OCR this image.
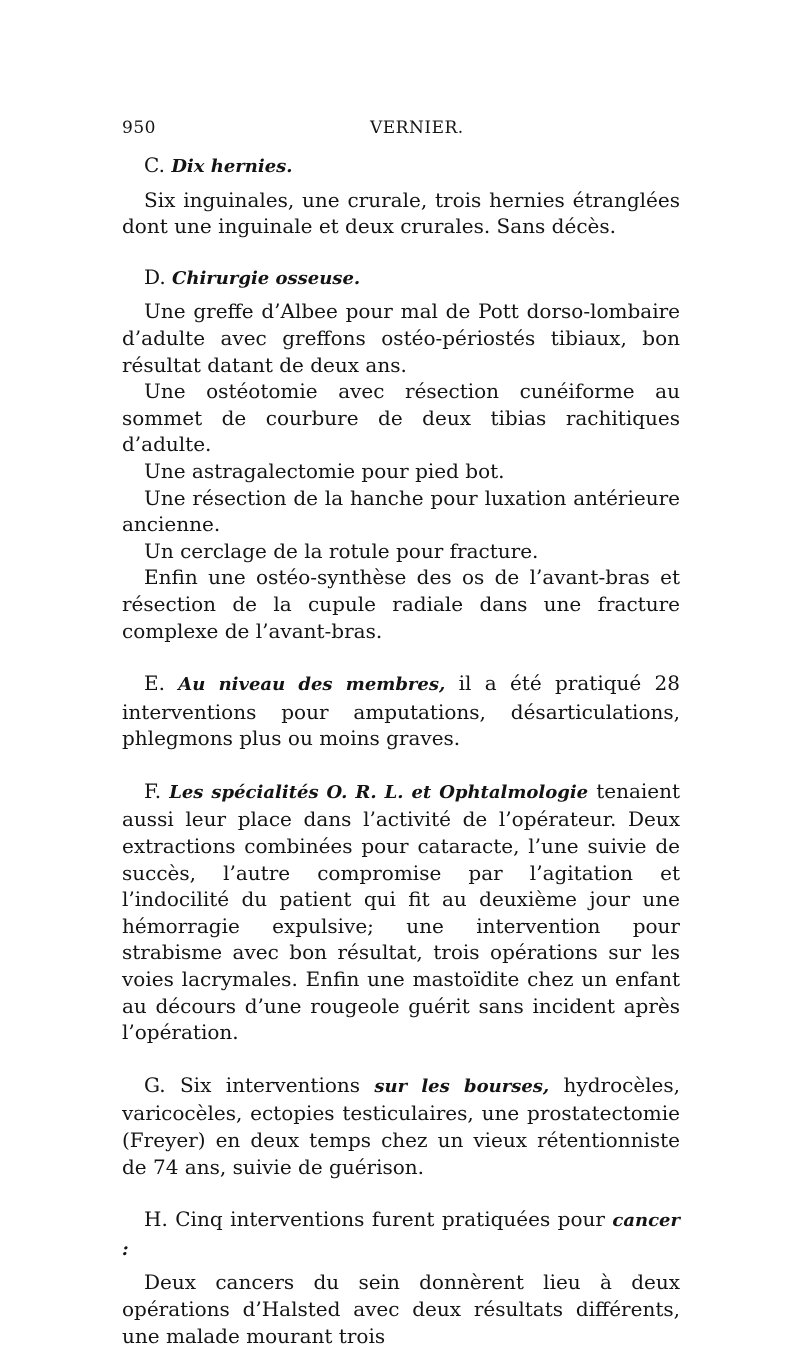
950	VERNIER.

C. Dix hernies.

Six inguinales, une crurale, trois hernies étranglées dont une inguinale et deux crurales. Sans décès.

D. Chirurgie osseuse.

Une greffe d’Albee pour mal de Pott dorso-lombaire d’adulte avec greffons ostéo-périostés tibiaux, bon résultat datant de deux ans.

Une ostéotomie avec résection cunéiforme au sommet de courbure de deux tibias rachitiques d’adulte.

Une astragalectomie pour pied bot.

Une résection de la hanche pour luxation antérieure ancienne.

Un cerclage de la rotule pour fracture.

Enfin une ostéo-synthèse des os de l’avant-bras et résection de la cupule radiale dans une fracture complexe de l’avant-bras.

E. Au niveau des membres, il a été pratiqué 28 interventions pour amputations, désarticulations, phlegmons plus ou moins graves.

F. Les spécialités O. R. L. et Ophtalmologie tenaient aussi leur place dans l’activité de l’opérateur. Deux extractions combinées pour cataracte, l’une suivie de succès, l’autre compromise par l’agitation et l’indocilité du patient qui fit au deuxième jour une hémorragie expulsive; une intervention pour strabisme avec bon résultat, trois opérations sur les voies lacrymales. Enfin une mastoïdite chez un enfant au décours d’une rougeole guérit sans incident après l’opération.

G. Six interventions sur les bourses, hydrocèles, varicocèles, ectopies testiculaires, une prostatectomie (Freyer) en deux temps chez un vieux rétentionniste de 74 ans, suivie de guérison.

H. Cinq interventions furent pratiquées pour cancer :

Deux cancers du sein donnèrent lieu à deux opérations d’Halsted avec deux résultats différents, une malade mourant trois
